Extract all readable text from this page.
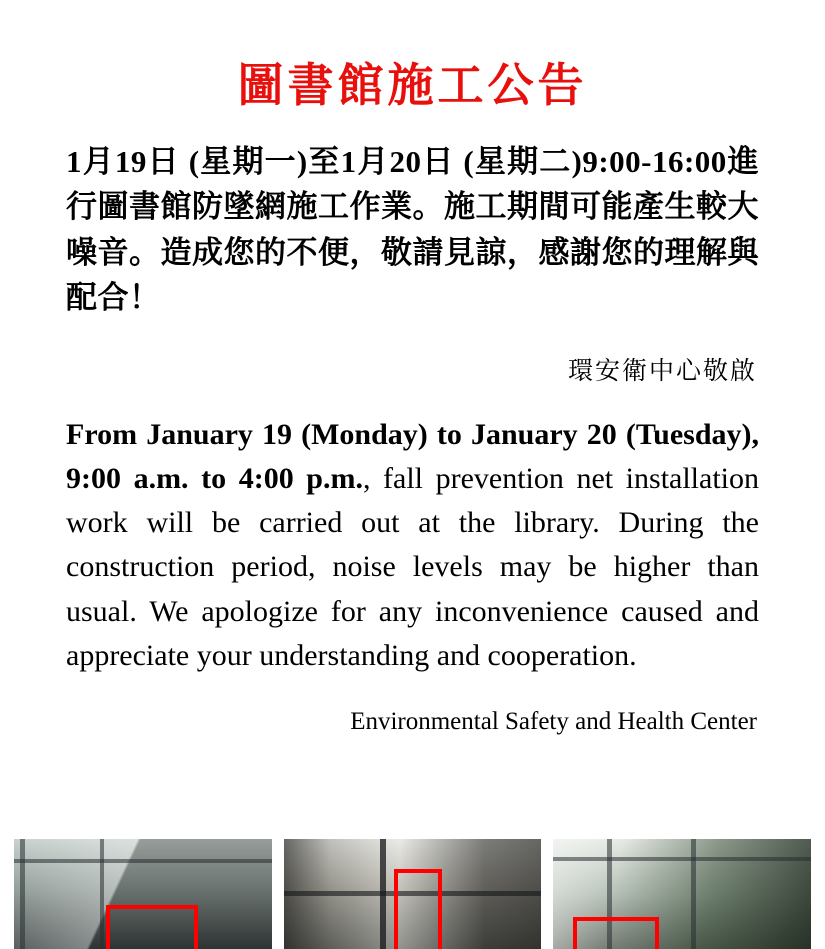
圖書館施工公告

1月19日 (星期一)至1月20日 (星期二)9:00-16:00進行圖書館防墜網施工作業。施工期間可能產生較大噪音。造成您的不便，敬請見諒，感謝您的理解與配合！

環安衛中心敬啟

From January 19 (Monday) to January 20 (Tuesday), 9:00 a.m. to 4:00 p.m., fall prevention net installation work will be carried out at the library. During the construction period, noise levels may be higher than usual. We apologize for any inconvenience caused and appreciate your understanding and cooperation.

Environmental Safety and Health Center
